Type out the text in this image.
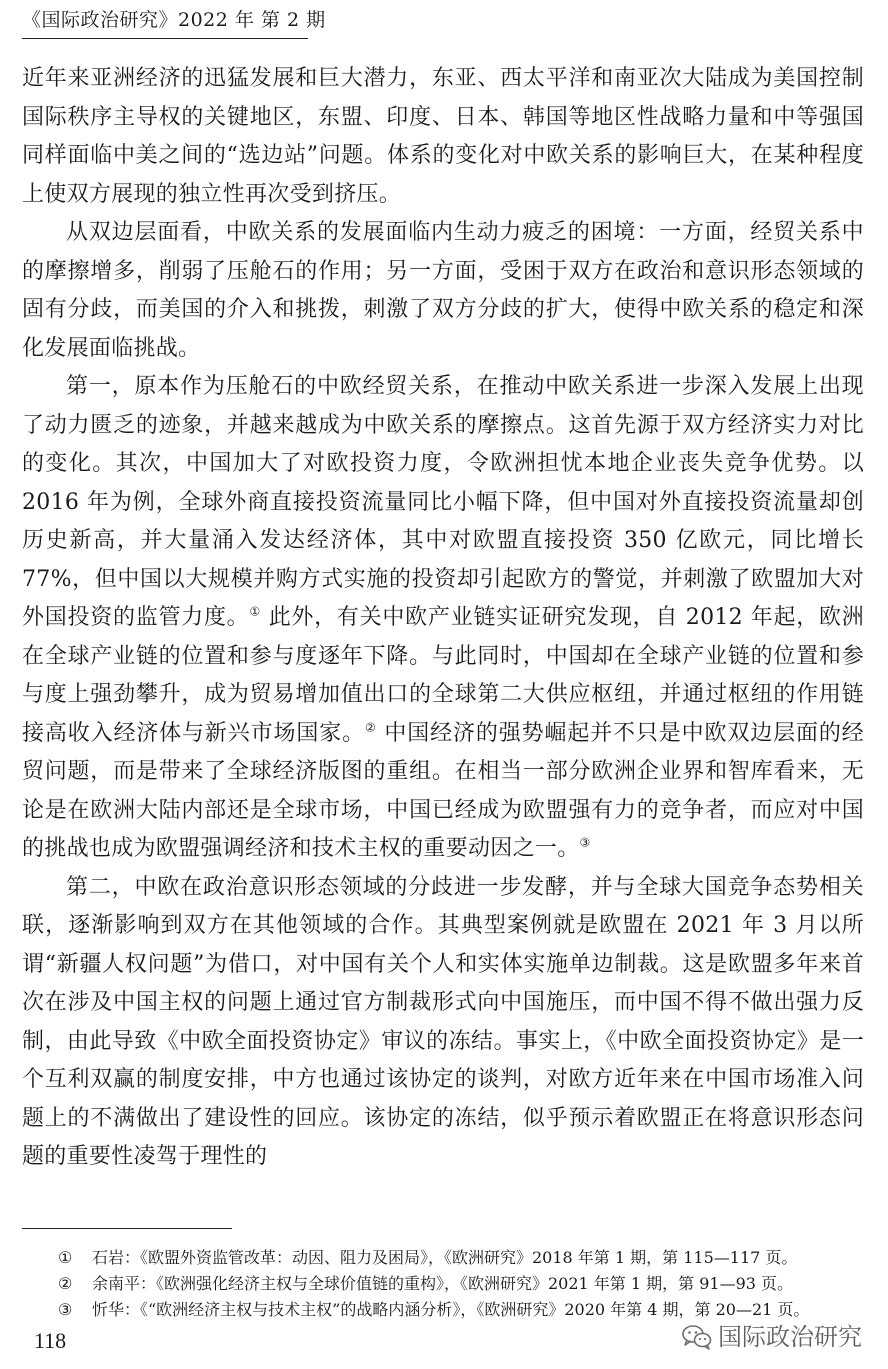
《国际政治研究》2022 年 第 2 期

近年来亚洲经济的迅猛发展和巨大潜力，东亚、西太平洋和南亚次大陆成为美国控制国际秩序主导权的关键地区，东盟、印度、日本、韩国等地区性战略力量和中等强国同样面临中美之间的“选边站”问题。体系的变化对中欧关系的影响巨大，在某种程度上使双方展现的独立性再次受到挤压。

从双边层面看，中欧关系的发展面临内生动力疲乏的困境：一方面，经贸关系中的摩擦增多，削弱了压舱石的作用；另一方面，受困于双方在政治和意识形态领域的固有分歧，而美国的介入和挑拨，刺激了双方分歧的扩大，使得中欧关系的稳定和深化发展面临挑战。

第一，原本作为压舱石的中欧经贸关系，在推动中欧关系进一步深入发展上出现了动力匮乏的迹象，并越来越成为中欧关系的摩擦点。这首先源于双方经济实力对比的变化。其次，中国加大了对欧投资力度，令欧洲担忧本地企业丧失竞争优势。以 2016 年为例，全球外商直接投资流量同比小幅下降，但中国对外直接投资流量却创历史新高，并大量涌入发达经济体，其中对欧盟直接投资 350 亿欧元，同比增长 77%，但中国以大规模并购方式实施的投资却引起欧方的警觉，并刺激了欧盟加大对外国投资的监管力度。① 此外，有关中欧产业链实证研究发现，自 2012 年起，欧洲在全球产业链的位置和参与度逐年下降。与此同时，中国却在全球产业链的位置和参与度上强劲攀升，成为贸易增加值出口的全球第二大供应枢纽，并通过枢纽的作用链接高收入经济体与新兴市场国家。② 中国经济的强势崛起并不只是中欧双边层面的经贸问题，而是带来了全球经济版图的重组。在相当一部分欧洲企业界和智库看来，无论是在欧洲大陆内部还是全球市场，中国已经成为欧盟强有力的竞争者，而应对中国的挑战也成为欧盟强调经济和技术主权的重要动因之一。③

第二，中欧在政治意识形态领域的分歧进一步发酵，并与全球大国竞争态势相关联，逐渐影响到双方在其他领域的合作。其典型案例就是欧盟在 2021 年 3 月以所谓“新疆人权问题”为借口，对中国有关个人和实体实施单边制裁。这是欧盟多年来首次在涉及中国主权的问题上通过官方制裁形式向中国施压，而中国不得不做出强力反制，由此导致《中欧全面投资协定》审议的冻结。事实上，《中欧全面投资协定》是一个互利双赢的制度安排，中方也通过该协定的谈判，对欧方近年来在中国市场准入问题上的不满做出了建设性的回应。该协定的冻结，似乎预示着欧盟正在将意识形态问题的重要性凌驾于理性的

①	石岩：《欧盟外资监管改革：动因、阻力及困局》，《欧洲研究》2018 年第 1 期，第 115—117 页。
②	余南平：《欧洲强化经济主权与全球价值链的重构》，《欧洲研究》2021 年第 1 期，第 91—93 页。
③	忻华：《“欧洲经济主权与技术主权”的战略内涵分析》，《欧洲研究》2020 年第 4 期，第 20—21 页。
118	国际政治研究
